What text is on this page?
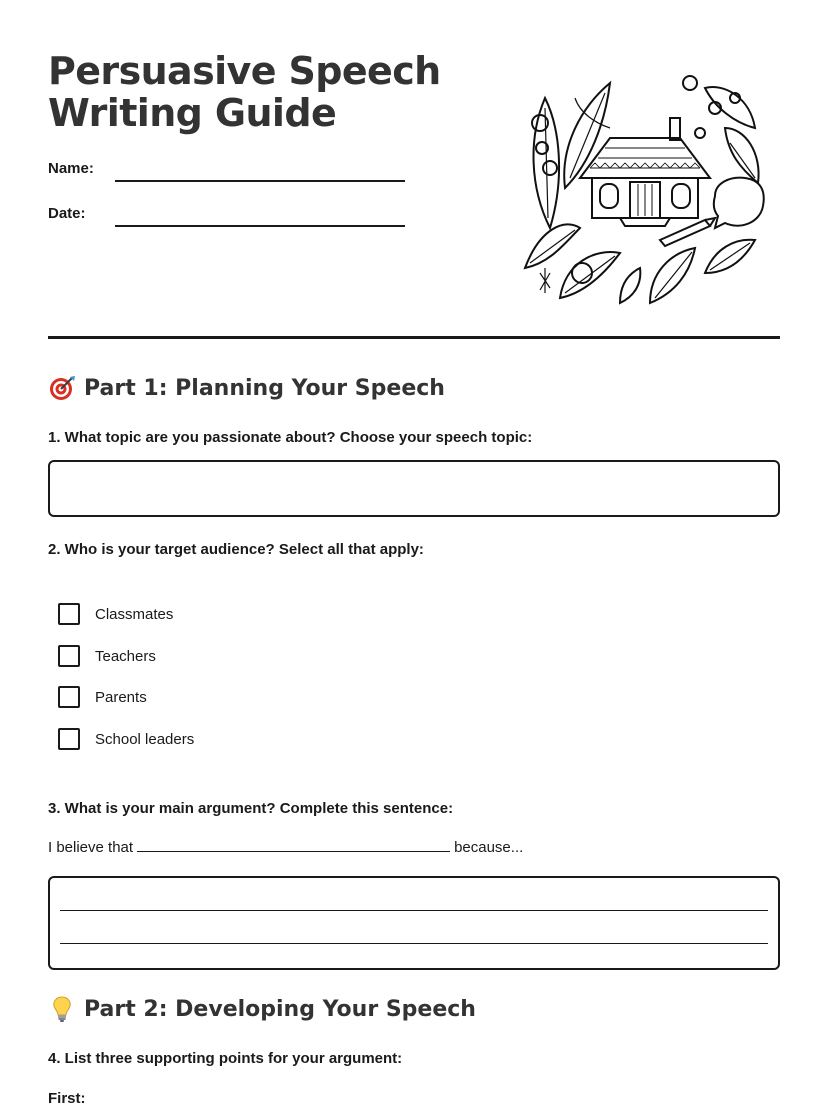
Persuasive Speech
Writing Guide
Name:
Date:
Part 1: Planning Your Speech
1. What topic are you passionate about? Choose your speech topic:
2. Who is your target audience? Select all that apply:
Classmates
Teachers
Parents
School leaders
3. What is your main argument? Complete this sentence:
I believe that	because...
Part 2: Developing Your Speech
4. List three supporting points for your argument:
First:
